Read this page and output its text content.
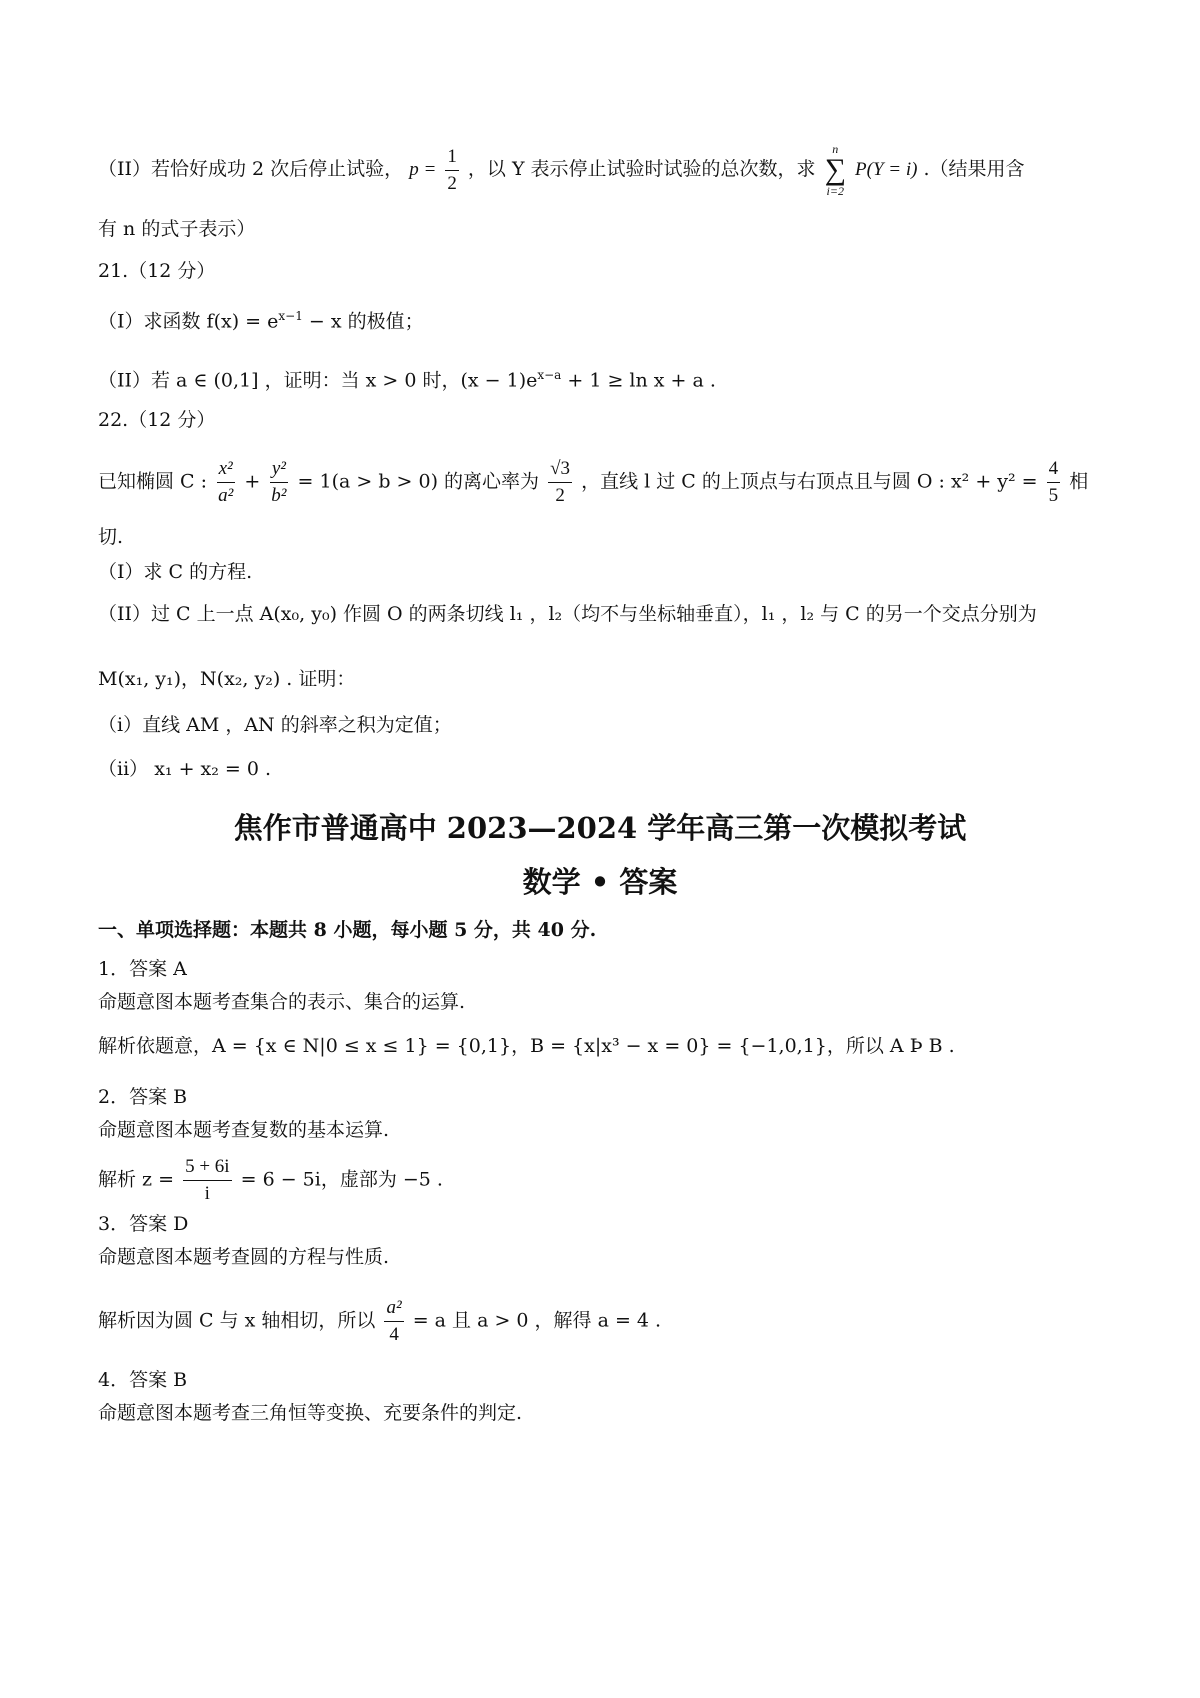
（II）若恰好成功 2 次后停止试验， $p = \frac{1}{2}$ ，以 Y 表示停止试验时试验的总次数，求
n
∑
i=2
P(Y = i) .（结果用含
有 n 的式子表示）
21.（12 分）
（I）求函数 $f(x) = e^{x-1} - x$ 的极值；
（II）若 a ∈ (0,1] ，证明：当 x > 0 时，$(x - 1)e^{x-a} + 1 \ge \ln x + a$ .
22.（12 分）
已知椭圆 C : $\frac{\text{x²}}{\text{a²}} + \frac{\text{y²}}{\text{b²}} = 1(a > b > 0)$ 的离心率为 $\frac{√3}{2}$ ，直线 l 过 C 的上顶点与右顶点且与圆 O : $x^2 + y^2 = \frac{4}{5}$ 相
切.
（I）求 C 的方程.
（II）过 C 上一点 A(x₀, y₀) 作圆 O 的两条切线 l₁ ，l₂（均不与坐标轴垂直），l₁ ，l₂ 与 C 的另一个交点分别为
M(x₁, y₁)，N(x₂, y₂) . 证明：
（i）直线 AM ，AN 的斜率之积为定值；
（ii） x₁ + x₂ = 0 .
焦作市普通高中 2023—2024 学年高三第一次模拟考试
数学 • 答案
一、单项选择题：本题共 8 小题，每小题 5 分，共 40 分.
1．答案 A
命题意图本题考查集合的表示、集合的运算.
解析依题意，A = {x ∈ N|0 ≤ x ≤ 1} = {0,1}，B = {x|x³ − x = 0} = {−1,0,1}，所以 A Þ B .
2．答案 B
命题意图本题考查复数的基本运算.
解析 $z = \frac{5 + 6i}{i} = 6 - 5i$，虚部为 −5 .
3．答案 D
命题意图本题考查圆的方程与性质.
解析因为圆 C 与 x 轴相切，所以 $\frac{\text{a²}}{4} = a$ 且 a > 0 ，解得 a = 4 .
4．答案 B
命题意图本题考查三角恒等变换、充要条件的判定.
